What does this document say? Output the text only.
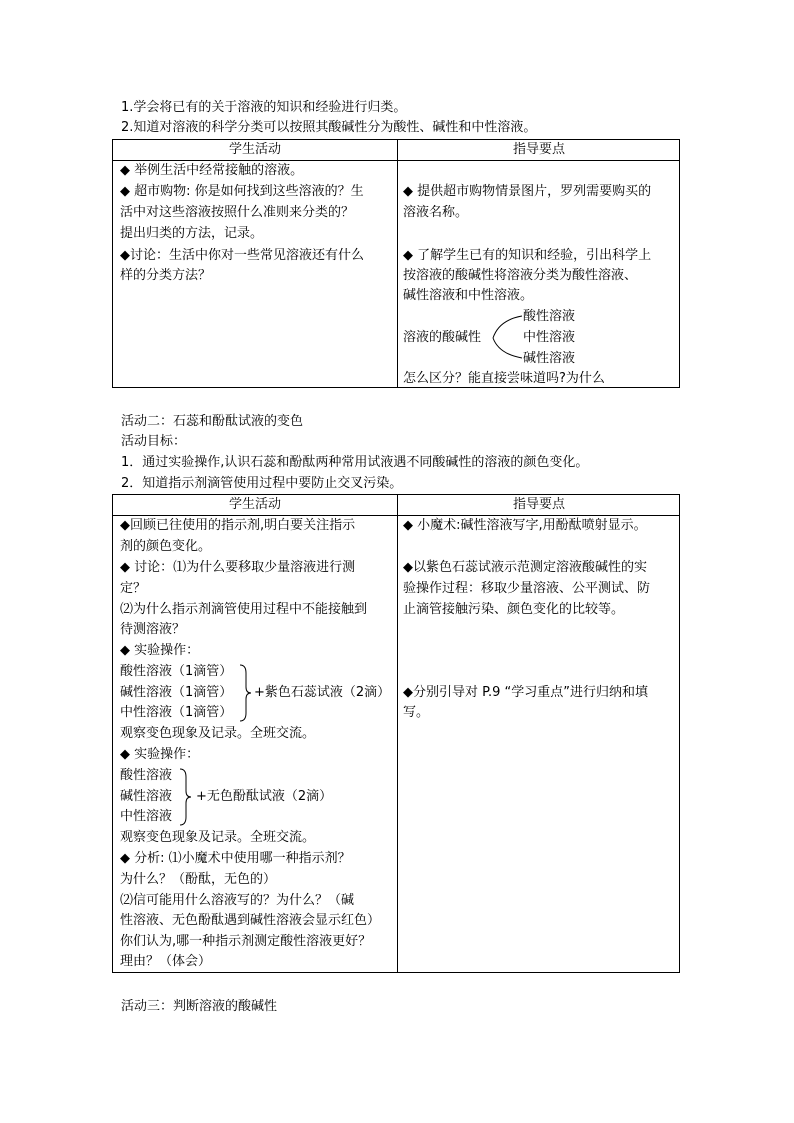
1.学会将已有的关于溶液的知识和经验进行归类。
2.知道对溶液的科学分类可以按照其酸碱性分为酸性、碱性和中性溶液。
学生活动	指导要点
◆ 举例生活中经常接触的溶液。
◆ 超市购物: 你是如何找到这些溶液的？生
活中对这些溶液按照什么准则来分类的？
提出归类的方法，记录。
◆讨论：生活中你对一些常见溶液还有什么
样的分类方法？
◆ 提供超市购物情景图片，罗列需要购买的
溶液名称。
◆ 了解学生已有的知识和经验，引出科学上
按溶液的酸碱性将溶液分类为酸性溶液、
碱性溶液和中性溶液。
溶液的酸碱性
酸性溶液
中性溶液
碱性溶液
怎么区分？能直接尝味道吗?为什么
活动二：石蕊和酚酞试液的变色
活动目标：
1．通过实验操作,认识石蕊和酚酞两种常用试液遇不同酸碱性的溶液的颜色变化。
2．知道指示剂滴管使用过程中要防止交叉污染。
学生活动	指导要点
◆回顾已往使用的指示剂,明白要关注指示
剂的颜色变化。
◆ 讨论：⑴为什么要移取少量溶液进行测
定？
⑵为什么指示剂滴管使用过程中不能接触到
待测溶液？
◆ 实验操作：
酸性溶液（1滴管）
碱性溶液（1滴管）
中性溶液（1滴管）
+紫色石蕊试液（2滴）
观察变色现象及记录。全班交流。
◆ 实验操作：
酸性溶液
碱性溶液
中性溶液
+无色酚酞试液（2滴）
观察变色现象及记录。全班交流。
◆ 分析: ⑴小魔术中使用哪一种指示剂？
为什么？（酚酞，无色的）
⑵信可能用什么溶液写的？为什么？（碱
性溶液、无色酚酞遇到碱性溶液会显示红色）
你们认为,哪一种指示剂测定酸性溶液更好？
理由？（体会）
◆ 小魔术:碱性溶液写字,用酚酞喷射显示。
◆以紫色石蕊试液示范测定溶液酸碱性的实
验操作过程：移取少量溶液、公平测试、防
止滴管接触污染、颜色变化的比较等。
◆分别引导对 P.9 “学习重点”进行归纳和填
写。
活动三：判断溶液的酸碱性
